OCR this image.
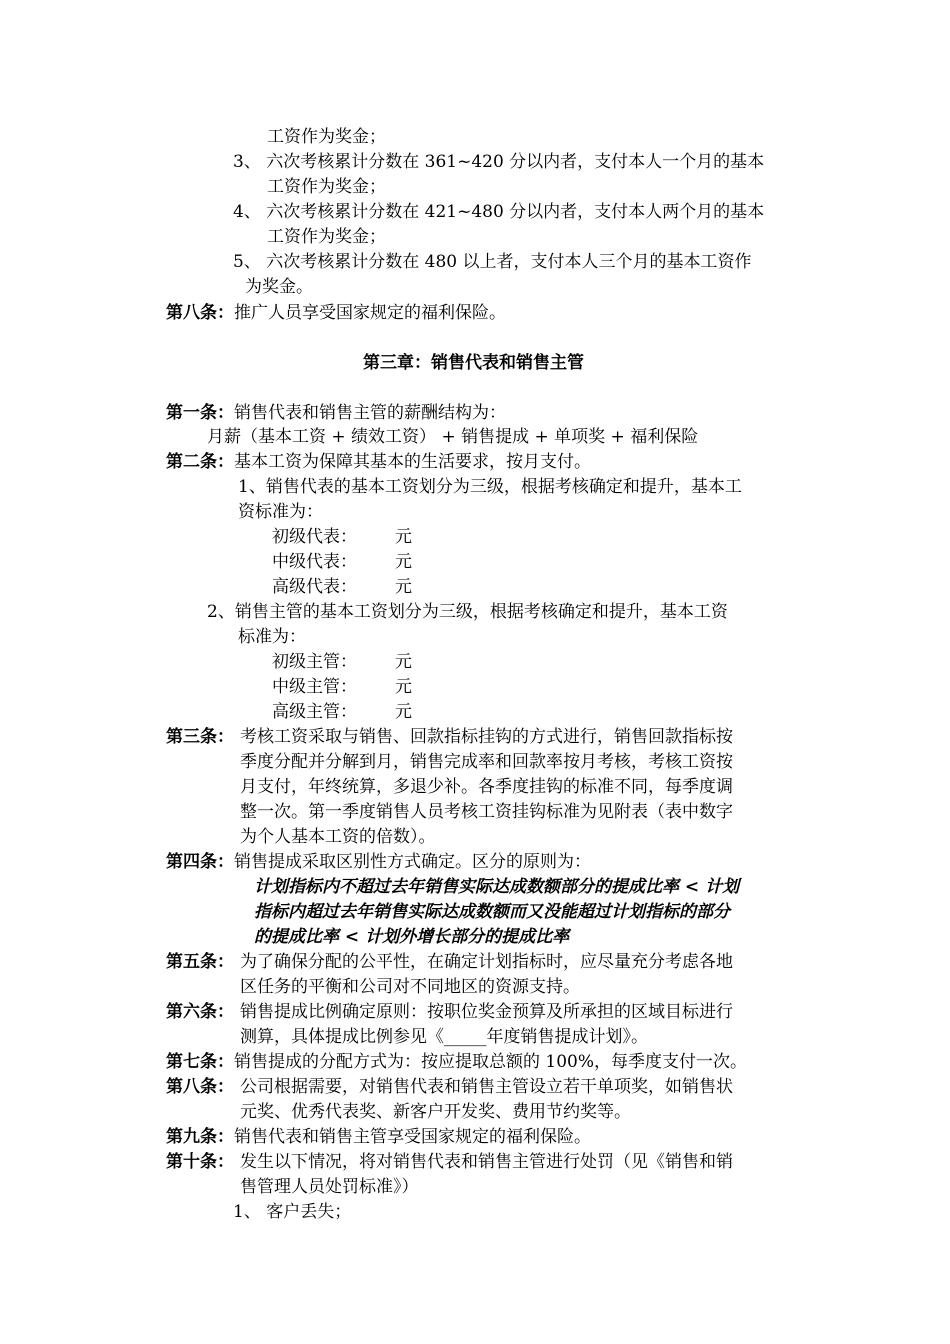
工资作为奖金；
3、 六次考核累计分数在 361~420 分以内者，支付本人一个月的基本
工资作为奖金；
4、 六次考核累计分数在 421~480 分以内者，支付本人两个月的基本
工资作为奖金；
5、 六次考核累计分数在 480 以上者，支付本人三个月的基本工资作
为奖金。
第八条：推广人员享受国家规定的福利保险。
第三章：销售代表和销售主管
第一条：销售代表和销售主管的薪酬结构为：
月薪（基本工资 + 绩效工资） + 销售提成 + 单项奖 + 福利保险
第二条：基本工资为保障其基本的生活要求，按月支付。
1、销售代表的基本工资划分为三级，根据考核确定和提升，基本工
资标准为：
初级代表： 元
中级代表： 元
高级代表： 元
2、销售主管的基本工资划分为三级，根据考核确定和提升，基本工资
标准为：
初级主管： 元
中级主管： 元
高级主管： 元
第三条： 考核工资采取与销售、回款指标挂钩的方式进行，销售回款指标按
季度分配并分解到月，销售完成率和回款率按月考核，考核工资按
月支付，年终统算，多退少补。各季度挂钩的标准不同，每季度调
整一次。第一季度销售人员考核工资挂钩标准为见附表（表中数字
为个人基本工资的倍数）。
第四条：销售提成采取区别性方式确定。区分的原则为：
计划指标内不超过去年销售实际达成数额部分的提成比率 < 计划
指标内超过去年销售实际达成数额而又没能超过计划指标的部分
的提成比率 < 计划外增长部分的提成比率
第五条： 为了确保分配的公平性，在确定计划指标时，应尽量充分考虑各地
区任务的平衡和公司对不同地区的资源支持。
第六条： 销售提成比例确定原则：按职位奖金预算及所承担的区域目标进行
测算，具体提成比例参见《_____年度销售提成计划》。
第七条：销售提成的分配方式为：按应提取总额的 100%，每季度支付一次。
第八条： 公司根据需要，对销售代表和销售主管设立若干单项奖，如销售状
元奖、优秀代表奖、新客户开发奖、费用节约奖等。
第九条：销售代表和销售主管享受国家规定的福利保险。
第十条： 发生以下情况，将对销售代表和销售主管进行处罚（见《销售和销
售管理人员处罚标准》）
1、 客户丢失；
